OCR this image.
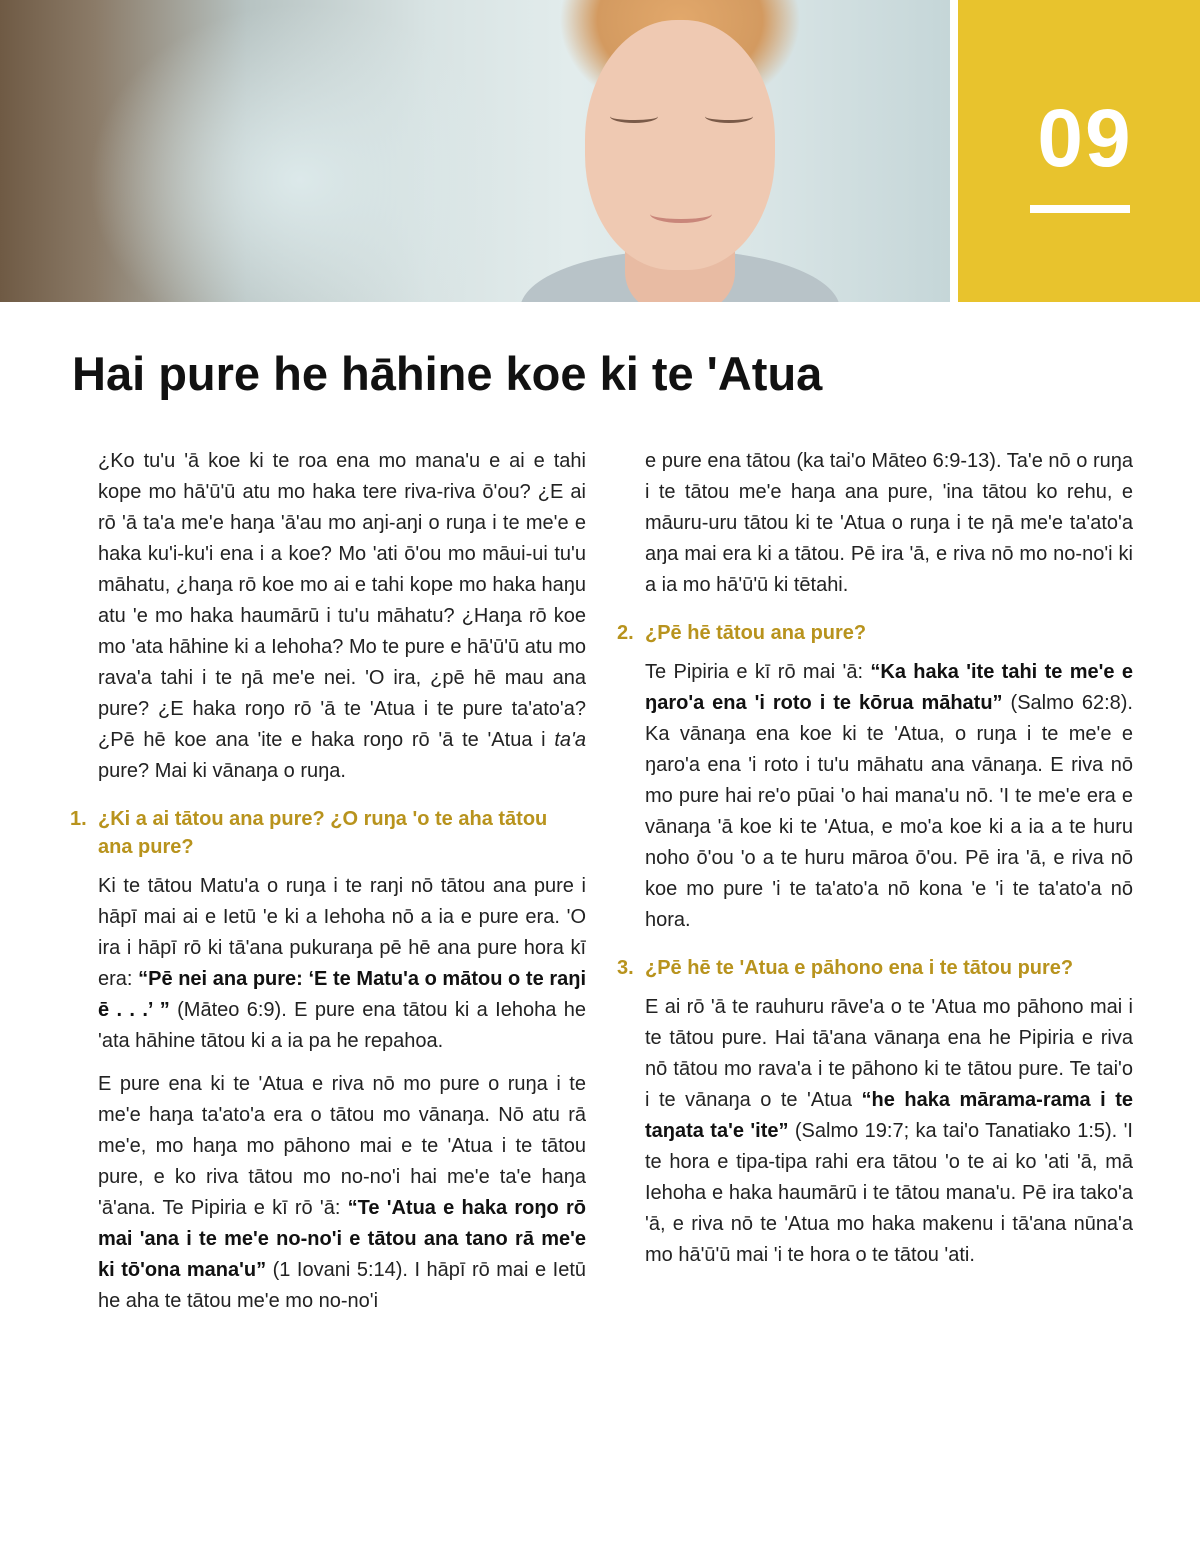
09
Hai pure he hāhine koe ki te 'Atua

¿Ko tu'u 'ā koe ki te roa ena mo mana'u e ai e tahi kope mo hā'ū'ū atu mo haka tere riva-riva ō'ou? ¿E ai rō 'ā ta'a me'e haŋa 'ā'au mo aŋi-aŋi o ruŋa i te me'e e haka ku'i-ku'i ena i a koe? Mo 'ati ō'ou mo māui-ui tu'u māhatu, ¿haŋa rō koe mo ai e tahi kope mo haka haŋu atu 'e mo haka haumārū i tu'u māhatu? ¿Haŋa rō koe mo 'ata hāhine ki a Iehoha? Mo te pure e hā'ū'ū atu mo rava'a tahi i te ŋā me'e nei. 'O ira, ¿pē hē mau ana pure? ¿E haka roŋo rō 'ā te 'Atua i te pure ta'ato'a? ¿Pē hē koe ana 'ite e haka roŋo rō 'ā te 'Atua i ta'a pure? Mai ki vānaŋa o ruŋa.

1. ¿Ki a ai tātou ana pure? ¿O ruŋa 'o te aha tātou ana pure?

Ki te tātou Matu'a o ruŋa i te raŋi nō tātou ana pure i hāpī mai ai e Ietū 'e ki a Iehoha nō a ia e pure era. 'O ira i hāpī rō ki tā'ana pukuraŋa pē hē ana pure hora kī era: “Pē nei ana pure: ‘E te Matu'a o mātou o te raŋi ē . . .’ ” (Māteo 6:9). E pure ena tātou ki a Iehoha he 'ata hāhine tātou ki a ia pa he repahoa.

E pure ena ki te 'Atua e riva nō mo pure o ruŋa i te me'e haŋa ta'ato'a era o tātou mo vānaŋa. Nō atu rā me'e, mo haŋa mo pāhono mai e te 'Atua i te tātou pure, e ko riva tātou mo no-no'i hai me'e ta'e haŋa 'ā'ana. Te Pipiria e kī rō 'ā: “Te 'Atua e haka roŋo rō mai 'ana i te me'e no-no'i e tātou ana tano rā me'e ki tō'ona mana'u” (1 Iovani 5:14). I hāpī rō mai e Ietū he aha te tātou me'e mo no-no'i

e pure ena tātou (ka tai'o Māteo 6:9-13). Ta'e nō o ruŋa i te tātou me'e haŋa ana pure, 'ina tātou ko rehu, e māuru-uru tātou ki te 'Atua o ruŋa i te ŋā me'e ta'ato'a aŋa mai era ki a tātou. Pē ira 'ā, e riva nō mo no-no'i ki a ia mo hā'ū'ū ki tētahi.

2. ¿Pē hē tātou ana pure?

Te Pipiria e kī rō mai 'ā: “Ka haka 'ite tahi te me'e e ŋaro'a ena 'i roto i te kōrua māhatu” (Salmo 62:8). Ka vānaŋa ena koe ki te 'Atua, o ruŋa i te me'e e ŋaro'a ena 'i roto i tu'u māhatu ana vānaŋa. E riva nō mo pure hai re'o pūai 'o hai mana'u nō. 'I te me'e era e vānaŋa 'ā koe ki te 'Atua, e mo'a koe ki a ia a te huru noho ō'ou 'o a te huru māroa ō'ou. Pē ira 'ā, e riva nō koe mo pure 'i te ta'ato'a nō kona 'e 'i te ta'ato'a nō hora.

3. ¿Pē hē te 'Atua e pāhono ena i te tātou pure?

E ai rō 'ā te rauhuru rāve'a o te 'Atua mo pāhono mai i te tātou pure. Hai tā'ana vānaŋa ena he Pipiria e riva nō tātou mo rava'a i te pāhono ki te tātou pure. Te tai'o i te vānaŋa o te 'Atua “he haka mārama-rama i te taŋata ta'e 'ite” (Salmo 19:7; ka tai'o Tanatiako 1:5). 'I te hora e tipa-tipa rahi era tātou 'o te ai ko 'ati 'ā, mā Iehoha e haka haumārū i te tātou mana'u. Pē ira tako'a 'ā, e riva nō te 'Atua mo haka makenu i tā'ana nūna'a mo hā'ū'ū mai 'i te hora o te tātou 'ati.
